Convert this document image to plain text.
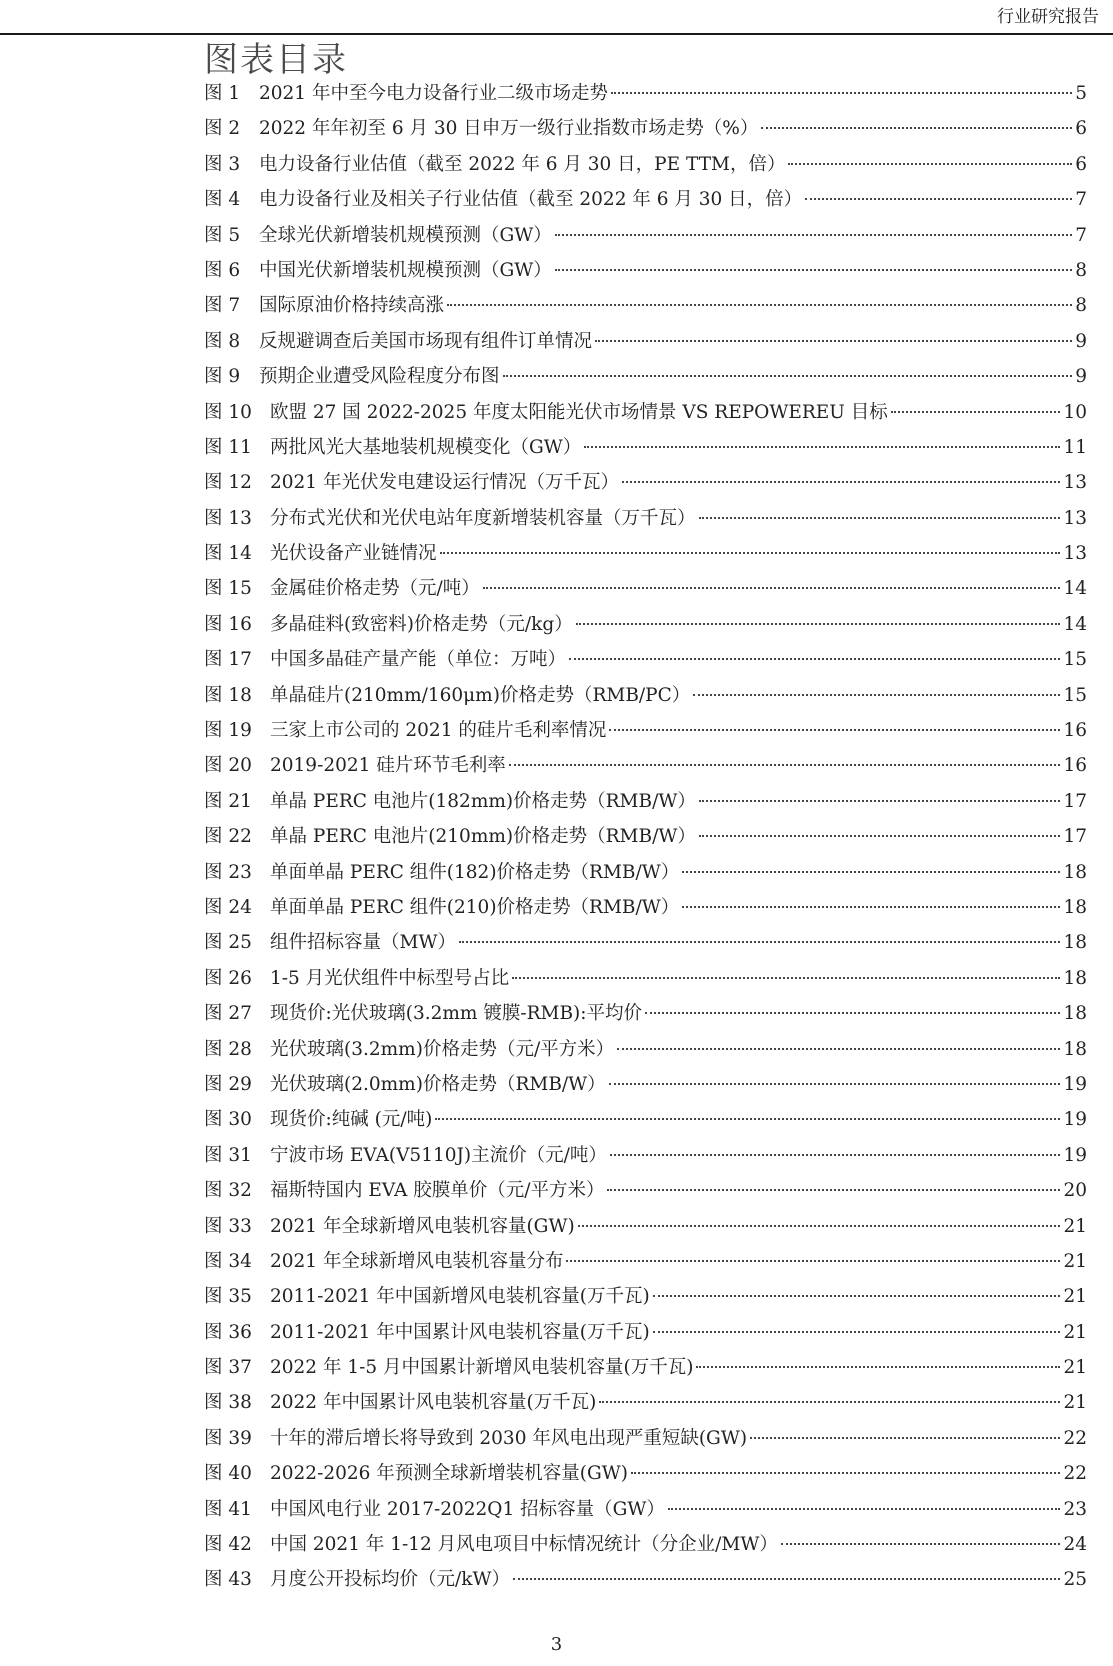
行业研究报告
图表目录
图 1	2021 年中至今电力设备行业二级市场走势	5
图 2	2022 年年初至 6 月 30 日申万一级行业指数市场走势（%）	6
图 3	电力设备行业估值（截至 2022 年 6 月 30 日，PE TTM，倍）	6
图 4	电力设备行业及相关子行业估值（截至 2022 年 6 月 30 日，倍）	7
图 5	全球光伏新增装机规模预测（GW）	7
图 6	中国光伏新增装机规模预测（GW）	8
图 7	国际原油价格持续高涨	8
图 8	反规避调查后美国市场现有组件订单情况	9
图 9	预期企业遭受风险程度分布图	9
图 10 欧盟 27 国 2022-2025 年度太阳能光伏市场情景 VS REPOWEREU 目标	10
图 11 两批风光大基地装机规模变化（GW）	11
图 12 2021 年光伏发电建设运行情况（万千瓦）	13
图 13 分布式光伏和光伏电站年度新增装机容量（万千瓦）	13
图 14 光伏设备产业链情况	13
图 15 金属硅价格走势（元/吨）	14
图 16 多晶硅料(致密料)价格走势（元/kg）	14
图 17 中国多晶硅产量产能（单位：万吨）	15
图 18 单晶硅片(210mm/160μm)价格走势（RMB/PC）	15
图 19 三家上市公司的 2021 的硅片毛利率情况	16
图 20 2019-2021 硅片环节毛利率	16
图 21 单晶 PERC 电池片(182mm)价格走势（RMB/W）	17
图 22 单晶 PERC 电池片(210mm)价格走势（RMB/W）	17
图 23 单面单晶 PERC 组件(182)价格走势（RMB/W）	18
图 24 单面单晶 PERC 组件(210)价格走势（RMB/W）	18
图 25 组件招标容量（MW）	18
图 26 1-5 月光伏组件中标型号占比	18
图 27 现货价:光伏玻璃(3.2mm 镀膜-RMB):平均价	18
图 28 光伏玻璃(3.2mm)价格走势（元/平方米）	18
图 29 光伏玻璃(2.0mm)价格走势（RMB/W）	19
图 30 现货价:纯碱 (元/吨)	19
图 31 宁波市场 EVA(V5110J)主流价（元/吨）	19
图 32 福斯特国内 EVA 胶膜单价（元/平方米）	20
图 33 2021 年全球新增风电装机容量(GW)	21
图 34 2021 年全球新增风电装机容量分布	21
图 35 2011-2021 年中国新增风电装机容量(万千瓦)	21
图 36 2011-2021 年中国累计风电装机容量(万千瓦)	21
图 37 2022 年 1-5 月中国累计新增风电装机容量(万千瓦)	21
图 38 2022 年中国累计风电装机容量(万千瓦)	21
图 39 十年的滞后增长将导致到 2030 年风电出现严重短缺(GW)	22
图 40 2022-2026 年预测全球新增装机容量(GW)	22
图 41 中国风电行业 2017-2022Q1 招标容量（GW）	23
图 42 中国 2021 年 1-12 月风电项目中标情况统计（分企业/MW）	24
图 43 月度公开投标均价（元/kW）	25
3
